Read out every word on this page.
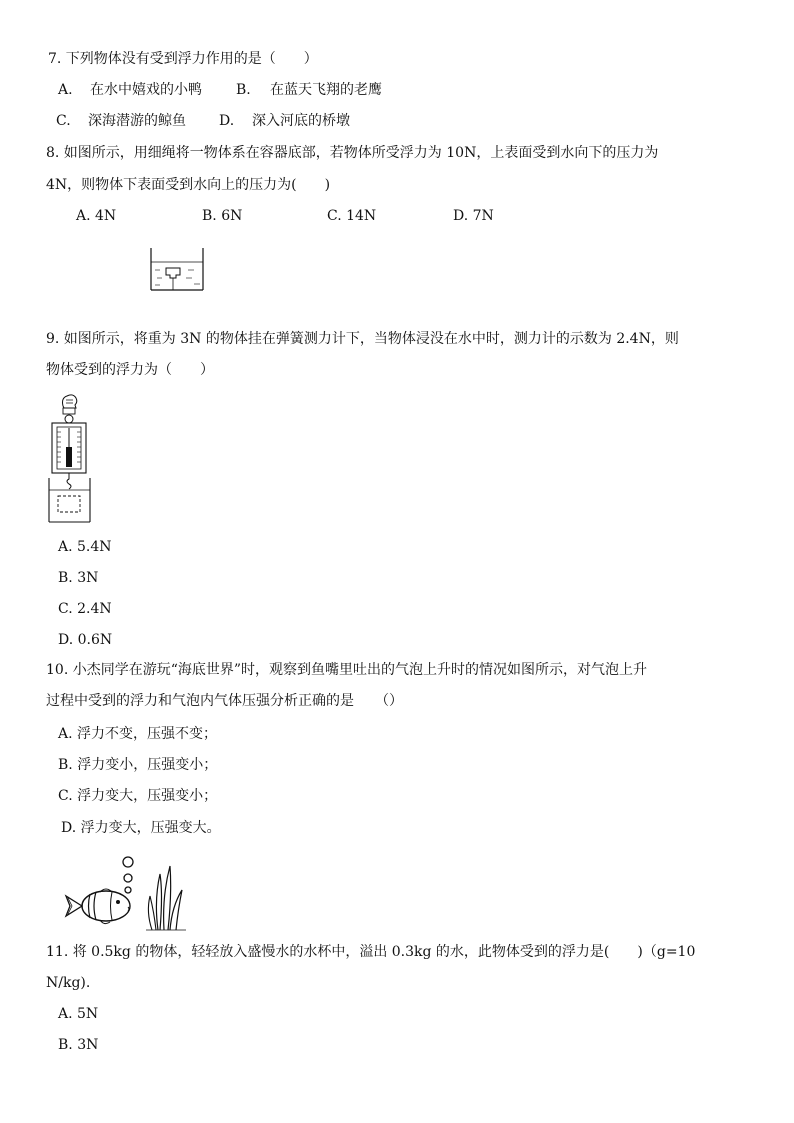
7. 下列物体没有受到浮力作用的是（　　）
A. 在水中嬉戏的小鸭 B. 在蓝天飞翔的老鹰
C. 深海潜游的鲸鱼 D. 深入河底的桥墩
8. 如图所示，用细绳将一物体系在容器底部，若物体所受浮力为 10N，上表面受到水向下的压力为
4N，则物体下表面受到水向上的压力为(　　)
A. 4N	B. 6N	C. 14N	D. 7N
9. 如图所示，将重为 3N 的物体挂在弹簧测力计下，当物体浸没在水中时，测力计的示数为 2.4N，则
物体受到的浮力为（　　）
A. 5.4N
B. 3N
C. 2.4N
D. 0.6N
10. 小杰同学在游玩“海底世界”时，观察到鱼嘴里吐出的气泡上升时的情况如图所示，对气泡上升
过程中受到的浮力和气泡内气体压强分析正确的是　　（）
A. 浮力不变，压强不变；
B. 浮力变小，压强变小；
C. 浮力变大，压强变小；
D. 浮力变大，压强变大。
11. 将 0.5kg 的物体，轻轻放入盛慢水的水杯中，溢出 0.3kg 的水，此物体受到的浮力是(　　)（g=10
N/kg).
A. 5N
B. 3N
